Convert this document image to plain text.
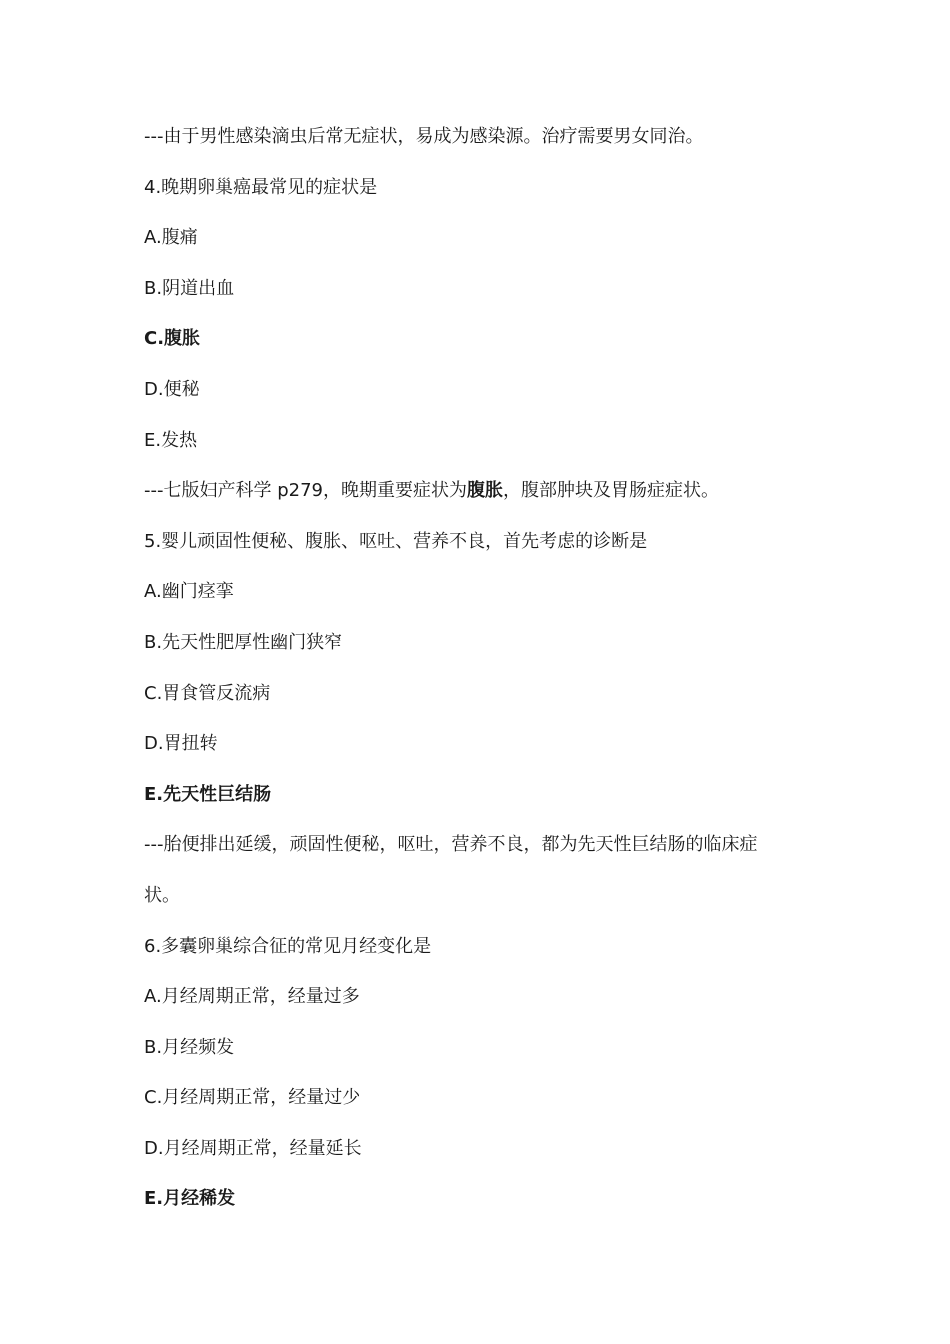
---由于男性感染滴虫后常无症状，易成为感染源。治疗需要男女同治。
4.晚期卵巢癌最常见的症状是
A.腹痛
B.阴道出血
C.腹胀
D.便秘
E.发热
---七版妇产科学 p279，晚期重要症状为腹胀，腹部肿块及胃肠症症状。
5.婴儿顽固性便秘、腹胀、呕吐、营养不良，首先考虑的诊断是
A.幽门痉挛
B.先天性肥厚性幽门狭窄
C.胃食管反流病
D.胃扭转
E.先天性巨结肠
---胎便排出延缓，顽固性便秘，呕吐，营养不良，都为先天性巨结肠的临床症
状。
6.多囊卵巢综合征的常见月经变化是
A.月经周期正常，经量过多
B.月经频发
C.月经周期正常，经量过少
D.月经周期正常，经量延长
E.月经稀发
